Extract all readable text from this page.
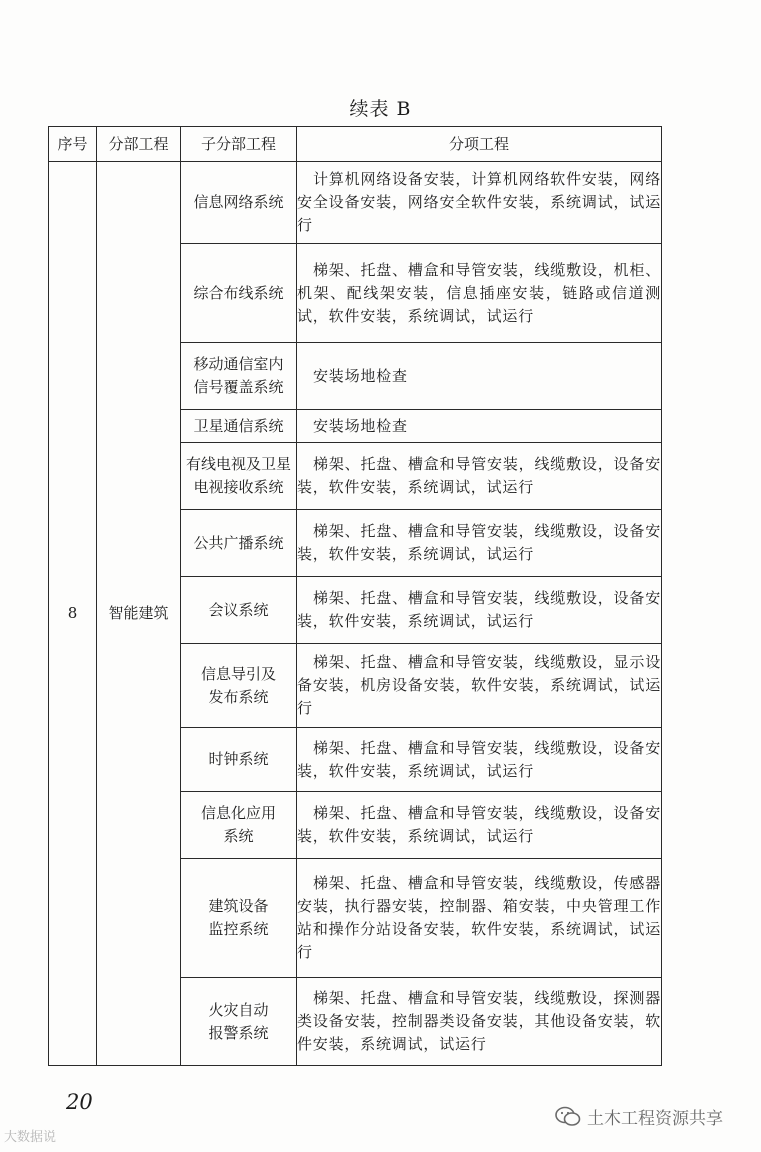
续表 B
序号	分部工程	子分部工程	分项工程
8	智能建筑	信息网络系统	计算机网络设备安装，计算机网络软件安装，网络安全设备安装，网络安全软件安装，系统调试，试运行
		综合布线系统	梯架、托盘、槽盒和导管安装，线缆敷设，机柜、机架、配线架安装，信息插座安装，链路或信道测试，软件安装，系统调试，试运行
		移动通信室内信号覆盖系统	安装场地检查
		卫星通信系统	安装场地检查
		有线电视及卫星电视接收系统	梯架、托盘、槽盒和导管安装，线缆敷设，设备安装，软件安装，系统调试，试运行
		公共广播系统	梯架、托盘、槽盒和导管安装，线缆敷设，设备安装，软件安装，系统调试，试运行
		会议系统	梯架、托盘、槽盒和导管安装，线缆敷设，设备安装，软件安装，系统调试，试运行
		信息导引及发布系统	梯架、托盘、槽盒和导管安装，线缆敷设，显示设备安装，机房设备安装，软件安装，系统调试，试运行
		时钟系统	梯架、托盘、槽盒和导管安装，线缆敷设，设备安装，软件安装，系统调试，试运行
		信息化应用系统	梯架、托盘、槽盒和导管安装，线缆敷设，设备安装，软件安装，系统调试，试运行
		建筑设备监控系统	梯架、托盘、槽盒和导管安装，线缆敷设，传感器安装，执行器安装，控制器、箱安装，中央管理工作站和操作分站设备安装，软件安装，系统调试，试运行
		火灾自动报警系统	梯架、托盘、槽盒和导管安装，线缆敷设，探测器类设备安装，控制器类设备安装，其他设备安装，软件安装，系统调试，试运行
20
大数据说
土木工程资源共享
